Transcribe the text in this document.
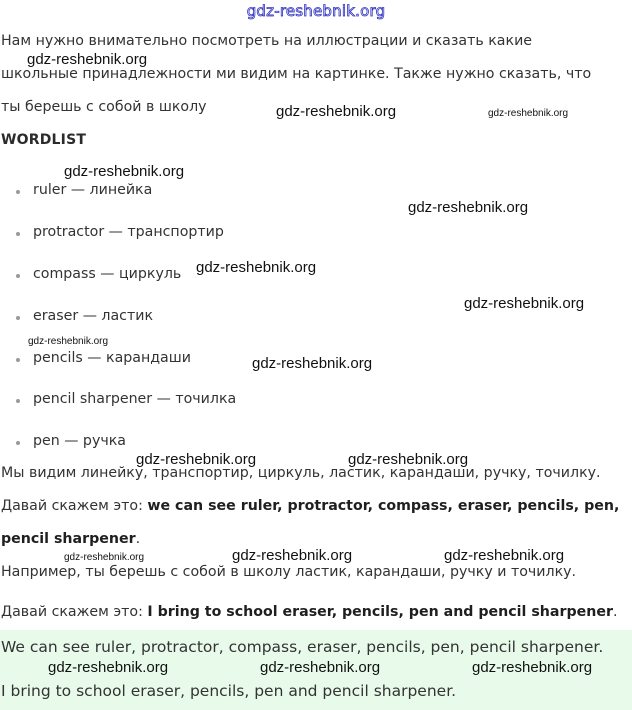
gdz-reshebnik.org
Нам нужно внимательно посмотреть на иллюстрации и сказать какие
школьные принадлежности ми видим на картинке. Также нужно сказать, что
ты берешь с собой в школу
WORDLIST
ruler — линейка
protractor — транспортир
compass — циркуль
eraser — ластик
pencils — карандаши
pencil sharpener — точилка
pen — ручка
Мы видим линейку, транспортир, циркуль, ластик, карандаши, ручку, точилку.
Давай скажем это: we can see ruler, protractor, compass, eraser, pencils, pen,
pencil sharpener.
Например, ты берешь с собой в школу ластик, карандаши, ручку и точилку.
Давай скажем это: I bring to school eraser, pencils, pen and pencil sharpener.
We can see ruler, protractor, compass, eraser, pencils, pen, pencil sharpener.
I bring to school eraser, pencils, pen and pencil sharpener.
gdz-reshebnik.org
gdz-reshebnik.org	gdz-reshebnik.org
gdz-reshebnik.org
gdz-reshebnik.org
gdz-reshebnik.org
gdz-reshebnik.org
gdz-reshebnik.org
gdz-reshebnik.org
gdz-reshebnik.org	gdz-reshebnik.org
gdz-reshebnik.org	gdz-reshebnik.org	gdz-reshebnik.org
gdz-reshebnik.org	gdz-reshebnik.org	gdz-reshebnik.org
